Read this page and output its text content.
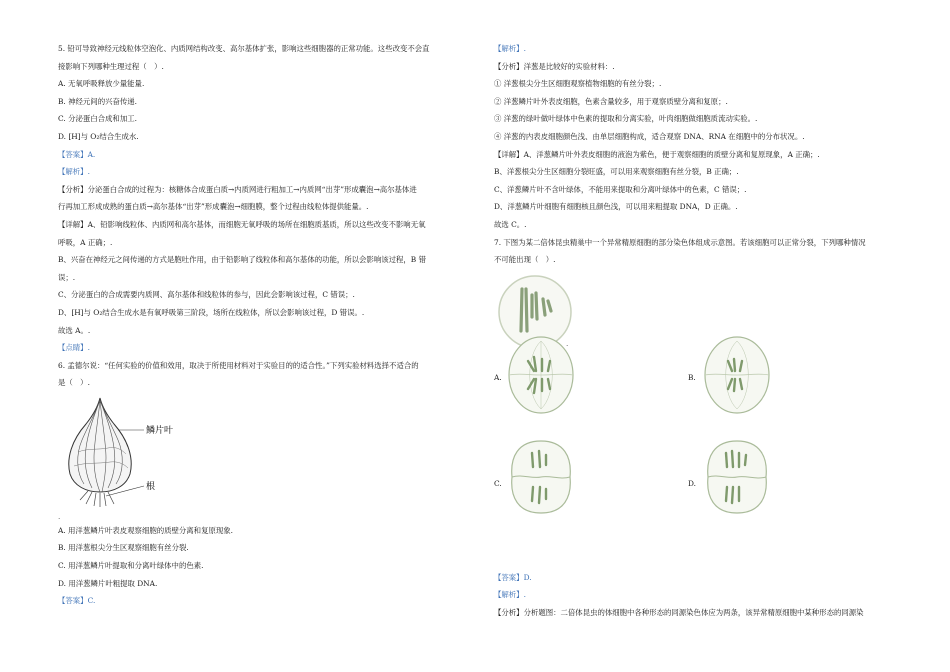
5. 铅可导致神经元线粒体空泡化、内质网结构改变、高尔基体扩张，影响这些细胞器的正常功能。这些改变不会直
接影响下列哪种生理过程（　）.
A. 无氧呼吸释放少量能量.
B. 神经元间的兴奋传递.
C. 分泌蛋白合成和加工.
D. [H]与 O₂结合生成水.
【答案】A.
【解析】.
【分析】分泌蛋白合成的过程为：核糖体合成蛋白质→内质网进行粗加工→内质网“出芽”形成囊泡→高尔基体进
行再加工形成成熟的蛋白质→高尔基体“出芽”形成囊泡→细胞膜，整个过程由线粒体提供能量。.
【详解】A、铅影响线粒体、内质网和高尔基体，而细胞无氧呼吸的场所在细胞质基质，所以这些改变不影响无氧
呼吸，A 正确；.
B、兴奋在神经元之间传递的方式是胞吐作用，由于铅影响了线粒体和高尔基体的功能，所以会影响该过程，B 错
误；.
C、分泌蛋白的合成需要内质网、高尔基体和线粒体的参与，因此会影响该过程，C 错误；.
D、[H]与 O₂结合生成水是有氧呼吸第三阶段，场所在线粒体，所以会影响该过程，D 错误。.
故选 A。.
【点睛】.
6. 孟德尔说：“任何实验的价值和效用，取决于所使用材料对于实验目的的适合性。”下列实验材料选择不适合的
是（　）.
鳞片叶
根
.
A. 用洋葱鳞片叶表皮观察细胞的质壁分离和复原现象.
B. 用洋葱根尖分生区观察细胞有丝分裂.
C. 用洋葱鳞片叶提取和分离叶绿体中的色素.
D. 用洋葱鳞片叶粗提取 DNA.
【答案】C.
【解析】.
【分析】洋葱是比较好的实验材料：.
① 洋葱根尖分生区细胞观察植物细胞的有丝分裂；.
② 洋葱鳞片叶外表皮细胞，色素含量较多，用于观察质壁分离和复原；.
③ 洋葱的绿叶做叶绿体中色素的提取和分离实验，叶肉细胞做细胞质流动实验。.
④ 洋葱的内表皮细胞颜色浅、由单层细胞构成，适合观察 DNA、RNA 在细胞中的分布状况。.
【详解】A、洋葱鳞片叶外表皮细胞的液泡为紫色，便于观察细胞的质壁分离和复原现象，A 正确；.
B、洋葱根尖分生区细胞分裂旺盛，可以用来观察细胞有丝分裂，B 正确；.
C、洋葱鳞片叶不含叶绿体，不能用来提取和分离叶绿体中的色素，C 错误；.
D、洋葱鳞片叶细胞有细胞核且颜色浅，可以用来粗提取 DNA，D 正确。.
故选 C。.
7. 下图为某二倍体昆虫精巢中一个异常精原细胞的部分染色体组成示意图。若该细胞可以正常分裂，下列哪种情况
不可能出现（　）.
.
A.	B.
C.	D.
【答案】D.
【解析】.
【分析】分析题图：二倍体昆虫的体细胞中各种形态的同源染色体应为两条，该异常精原细胞中某种形态的同源染
